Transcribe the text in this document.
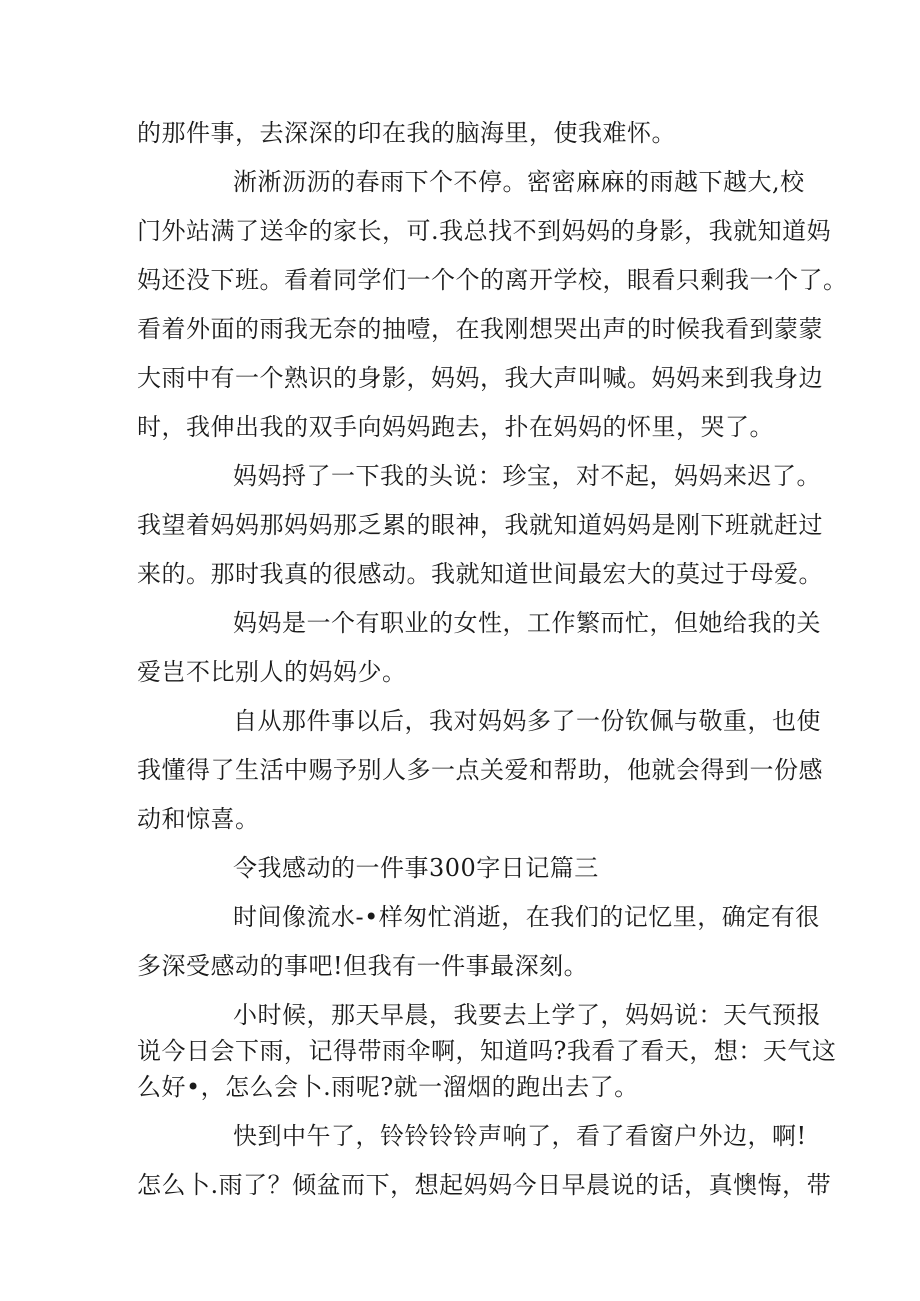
的那件事，去深深的印在我的脑海里，使我难怀。
淅淅沥沥的春雨下个不停。密密麻麻的雨越下越大,校
门外站满了送伞的家长，可.我总找不到妈妈的身影，我就知道妈
妈还没下班。看着同学们一个个的离开学校，眼看只剩我一个了。
看着外面的雨我无奈的抽噎，在我刚想哭出声的时候我看到蒙蒙
大雨中有一个熟识的身影，妈妈，我大声叫喊。妈妈来到我身边
时，我伸出我的双手向妈妈跑去，扑在妈妈的怀里，哭了。
妈妈捋了一下我的头说：珍宝，对不起，妈妈来迟了。
我望着妈妈那妈妈那乏累的眼神，我就知道妈妈是刚下班就赶过
来的。那时我真的很感动。我就知道世间最宏大的莫过于母爱。
妈妈是一个有职业的女性，工作繁而忙，但她给我的关
爱岂不比别人的妈妈少。
自从那件事以后，我对妈妈多了一份钦佩与敬重，也使
我懂得了生活中赐予别人多一点关爱和帮助，他就会得到一份感
动和惊喜。
令我感动的一件事300字日记篇三
时间像流水-•样匆忙消逝，在我们的记忆里，确定有很
多深受感动的事吧!但我有一件事最深刻。
小时候，那天早晨，我要去上学了，妈妈说：天气预报
说今日会下雨，记得带雨伞啊，知道吗?我看了看天，想：天气这
么好•，怎么会卜.雨呢?就一溜烟的跑出去了。
快到中午了，铃铃铃铃声响了，看了看窗户外边，啊!
怎么卜.雨了？倾盆而下，想起妈妈今日早晨说的话，真懊悔，带
